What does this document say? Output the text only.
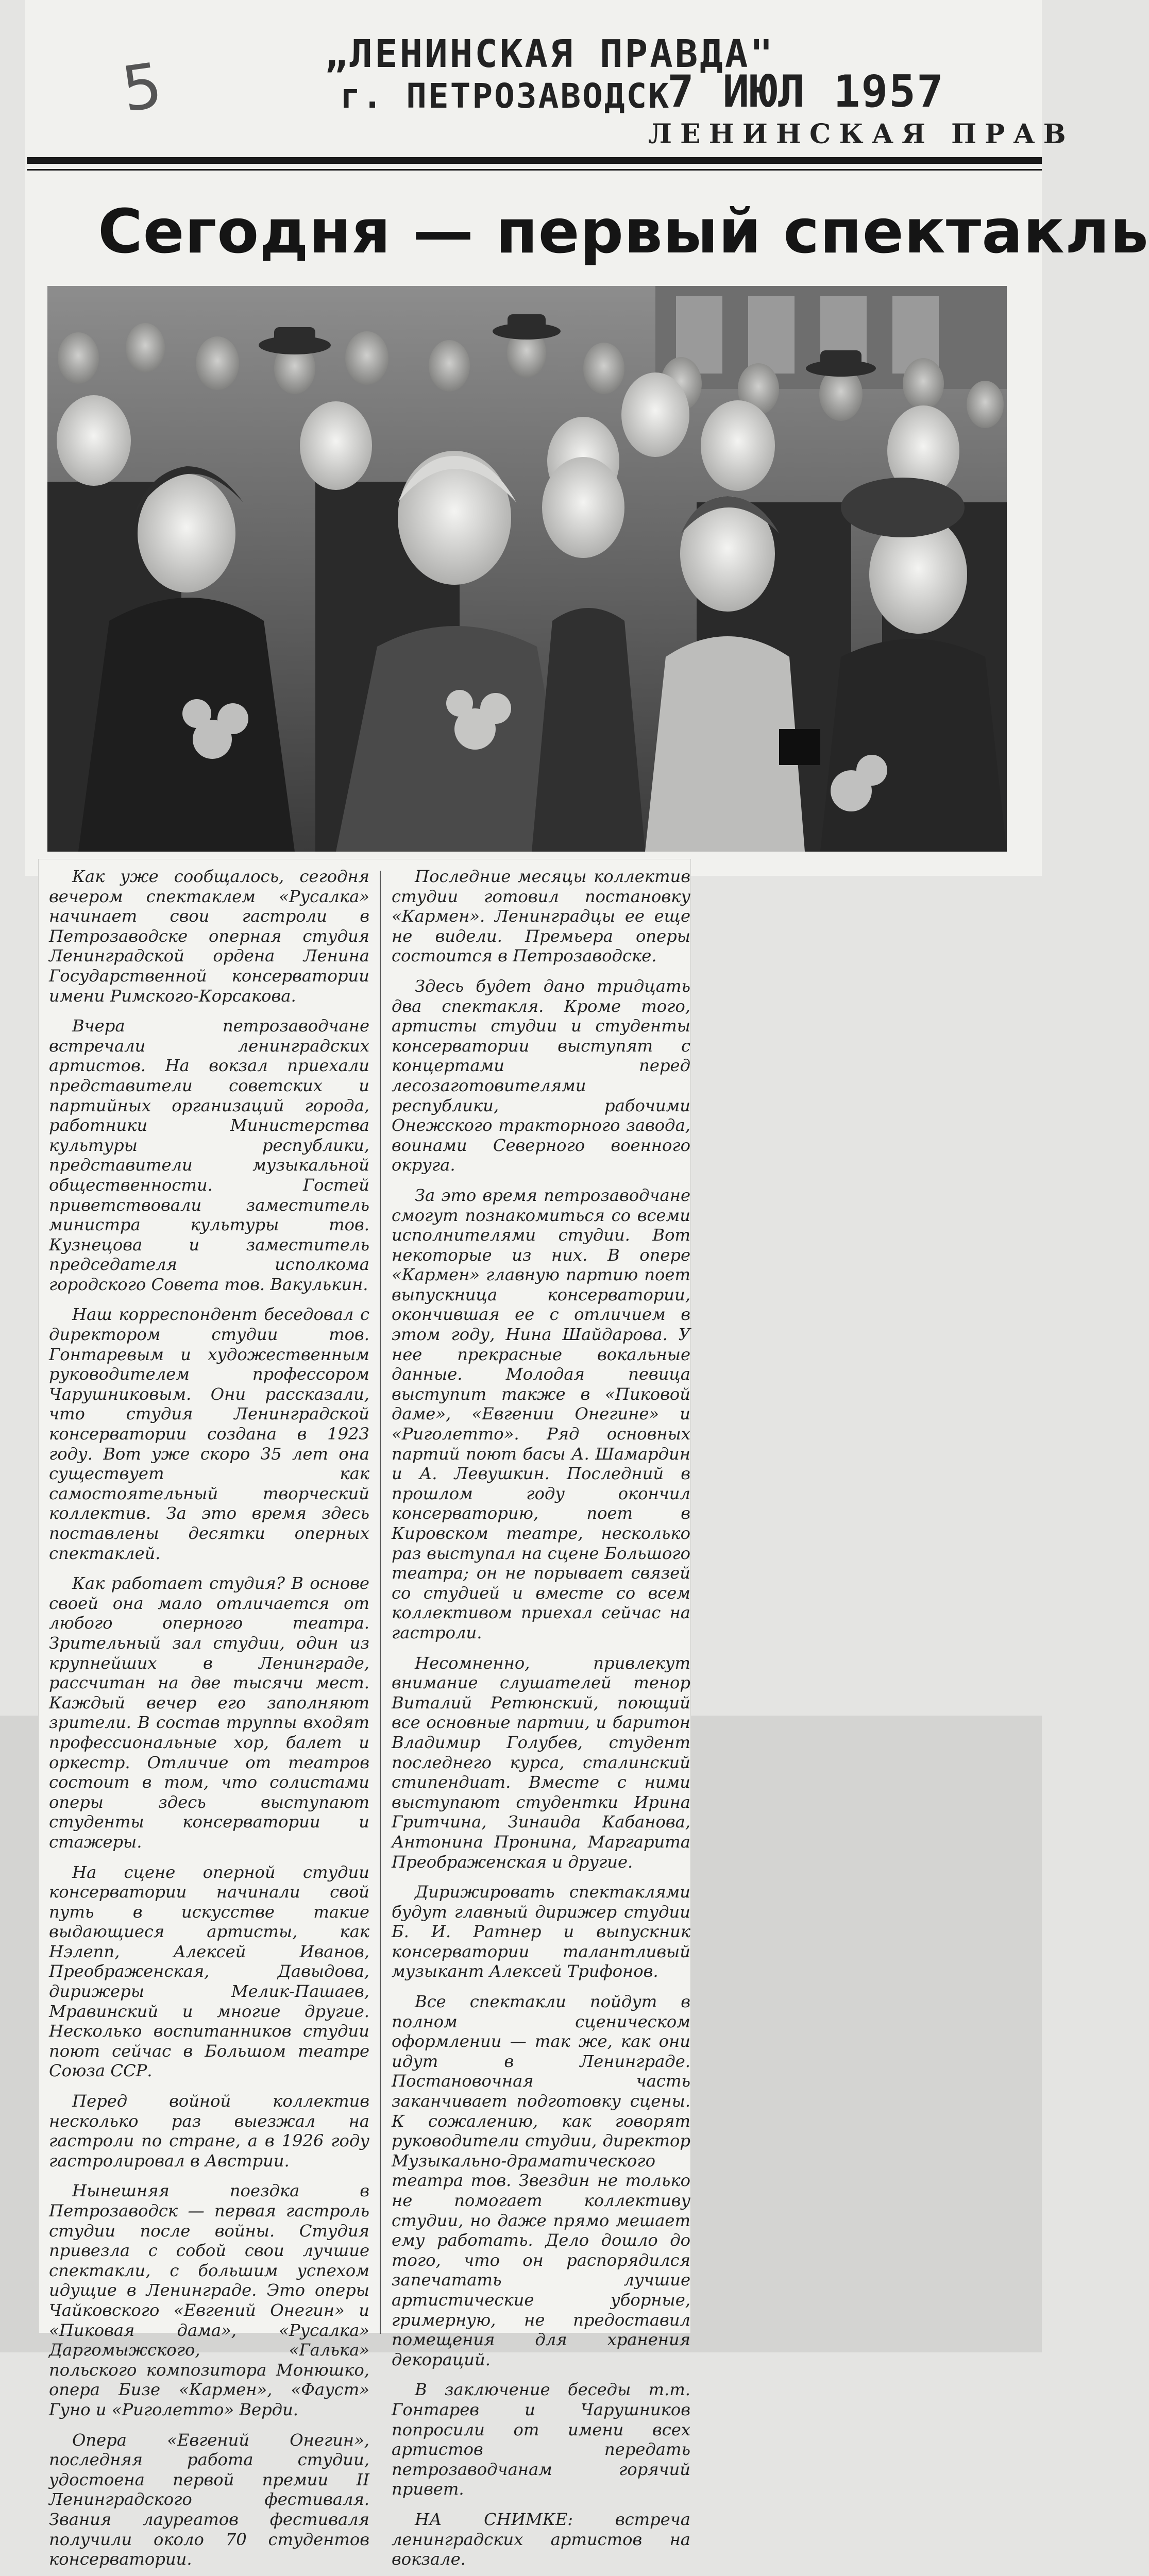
5	„ЛЕНИНСКАЯ ПРАВДА"
г. ПЕТРОЗАВОДСК
7 ИЮЛ 1957
ЛЕНИНСКАЯ ПРАВ
Сегодня — первый спектакль

Как уже сообщалось, сегодня вечером спектаклем «Русалка» начинает свои гастроли в Петрозаводске оперная студия Ленинградской ордена Ленина Государственной консерватории имени Римского-Корсакова.

Вчера петрозаводчане встречали ленинградских артистов. На вокзал приехали представители советских и партийных организаций города, работники Министерства культуры республики, представители музыкальной общественности. Гостей приветствовали заместитель министра культуры тов. Кузнецова и заместитель председателя исполкома городского Совета тов. Вакулькин.

Наш корреспондент беседовал с директором студии тов. Гонтаревым и художественным руководителем профессором Чарушниковым. Они рассказали, что студия Ленинградской консерватории создана в 1923 году. Вот уже скоро 35 лет она существует как самостоятельный творческий коллектив. За это время здесь поставлены десятки оперных спектаклей.

Как работает студия? В основе своей она мало отличается от любого оперного театра. Зрительный зал студии, один из крупнейших в Ленинграде, рассчитан на две тысячи мест. Каждый вечер его заполняют зрители. В состав труппы входят профессиональные хор, балет и оркестр. Отличие от театров состоит в том, что солистами оперы здесь выступают студенты консерватории и стажеры.

На сцене оперной студии консерватории начинали свой путь в искусстве такие выдающиеся артисты, как Нэлепп, Алексей Иванов, Преображенская, Давыдова, дирижеры Мелик-Пашаев, Мравинский и многие другие. Несколько воспитанников студии поют сейчас в Большом театре Союза ССР.

Перед войной коллектив несколько раз выезжал на гастроли по стране, а в 1926 году гастролировал в Австрии.

Нынешняя поездка в Петрозаводск — первая гастроль студии после войны. Студия привезла с собой свои лучшие спектакли, с большим успехом идущие в Ленинграде. Это оперы Чайковского «Евгений Онегин» и «Пиковая дама», «Русалка» Даргомыжского, «Галька» польского композитора Монюшко, опера Бизе «Кармен», «Фауст» Гуно и «Риголетто» Верди.

Опера «Евгений Онегин», последняя работа студии, удостоена первой премии II Ленинградского фестиваля. Звания лауреатов фестиваля получили около 70 студентов консерватории.

Последние месяцы коллектив студии готовил постановку «Кармен». Ленинградцы ее еще не видели. Премьера оперы состоится в Петрозаводске.

Здесь будет дано тридцать два спектакля. Кроме того, артисты студии и студенты консерватории выступят с концертами перед лесозаготовителями республики, рабочими Онежского тракторного завода, воинами Северного военного округа.

За это время петрозаводчане смогут познакомиться со всеми исполнителями студии. Вот некоторые из них. В опере «Кармен» главную партию поет выпускница консерватории, окончившая ее с отличием в этом году, Нина Шайдарова. У нее прекрасные вокальные данные. Молодая певица выступит также в «Пиковой даме», «Евгении Онегине» и «Риголетто». Ряд основных партий поют басы А. Шамардин и А. Левушкин. Последний в прошлом году окончил консерваторию, поет в Кировском театре, несколько раз выступал на сцене Большого театра; он не порывает связей со студией и вместе со всем коллективом приехал сейчас на гастроли.

Несомненно, привлекут внимание слушателей тенор Виталий Ретюнский, поющий все основные партии, и баритон Владимир Голубев, студент последнего курса, сталинский стипендиат. Вместе с ними выступают студентки Ирина Гритчина, Зинаида Кабанова, Антонина Пронина, Маргарита Преображенская и другие.

Дирижировать спектаклями будут главный дирижер студии Б. И. Ратнер и выпускник консерватории талантливый музыкант Алексей Трифонов.

Все спектакли пойдут в полном сценическом оформлении — так же, как они идут в Ленинграде. Постановочная часть заканчивает подготовку сцены. К сожалению, как говорят руководители студии, директор Музыкально-драматического театра тов. Звездин не только не помогает коллективу студии, но даже прямо мешает ему работать. Дело дошло до того, что он распорядился запечатать лучшие артистические уборные, гримерную, не предоставил помещения для хранения декораций.

В заключение беседы т.т. Гонтарев и Чарушников попросили от имени всех артистов передать петрозаводчанам горячий привет.

НА СНИМКЕ: встреча ленинградских артистов на вокзале.
